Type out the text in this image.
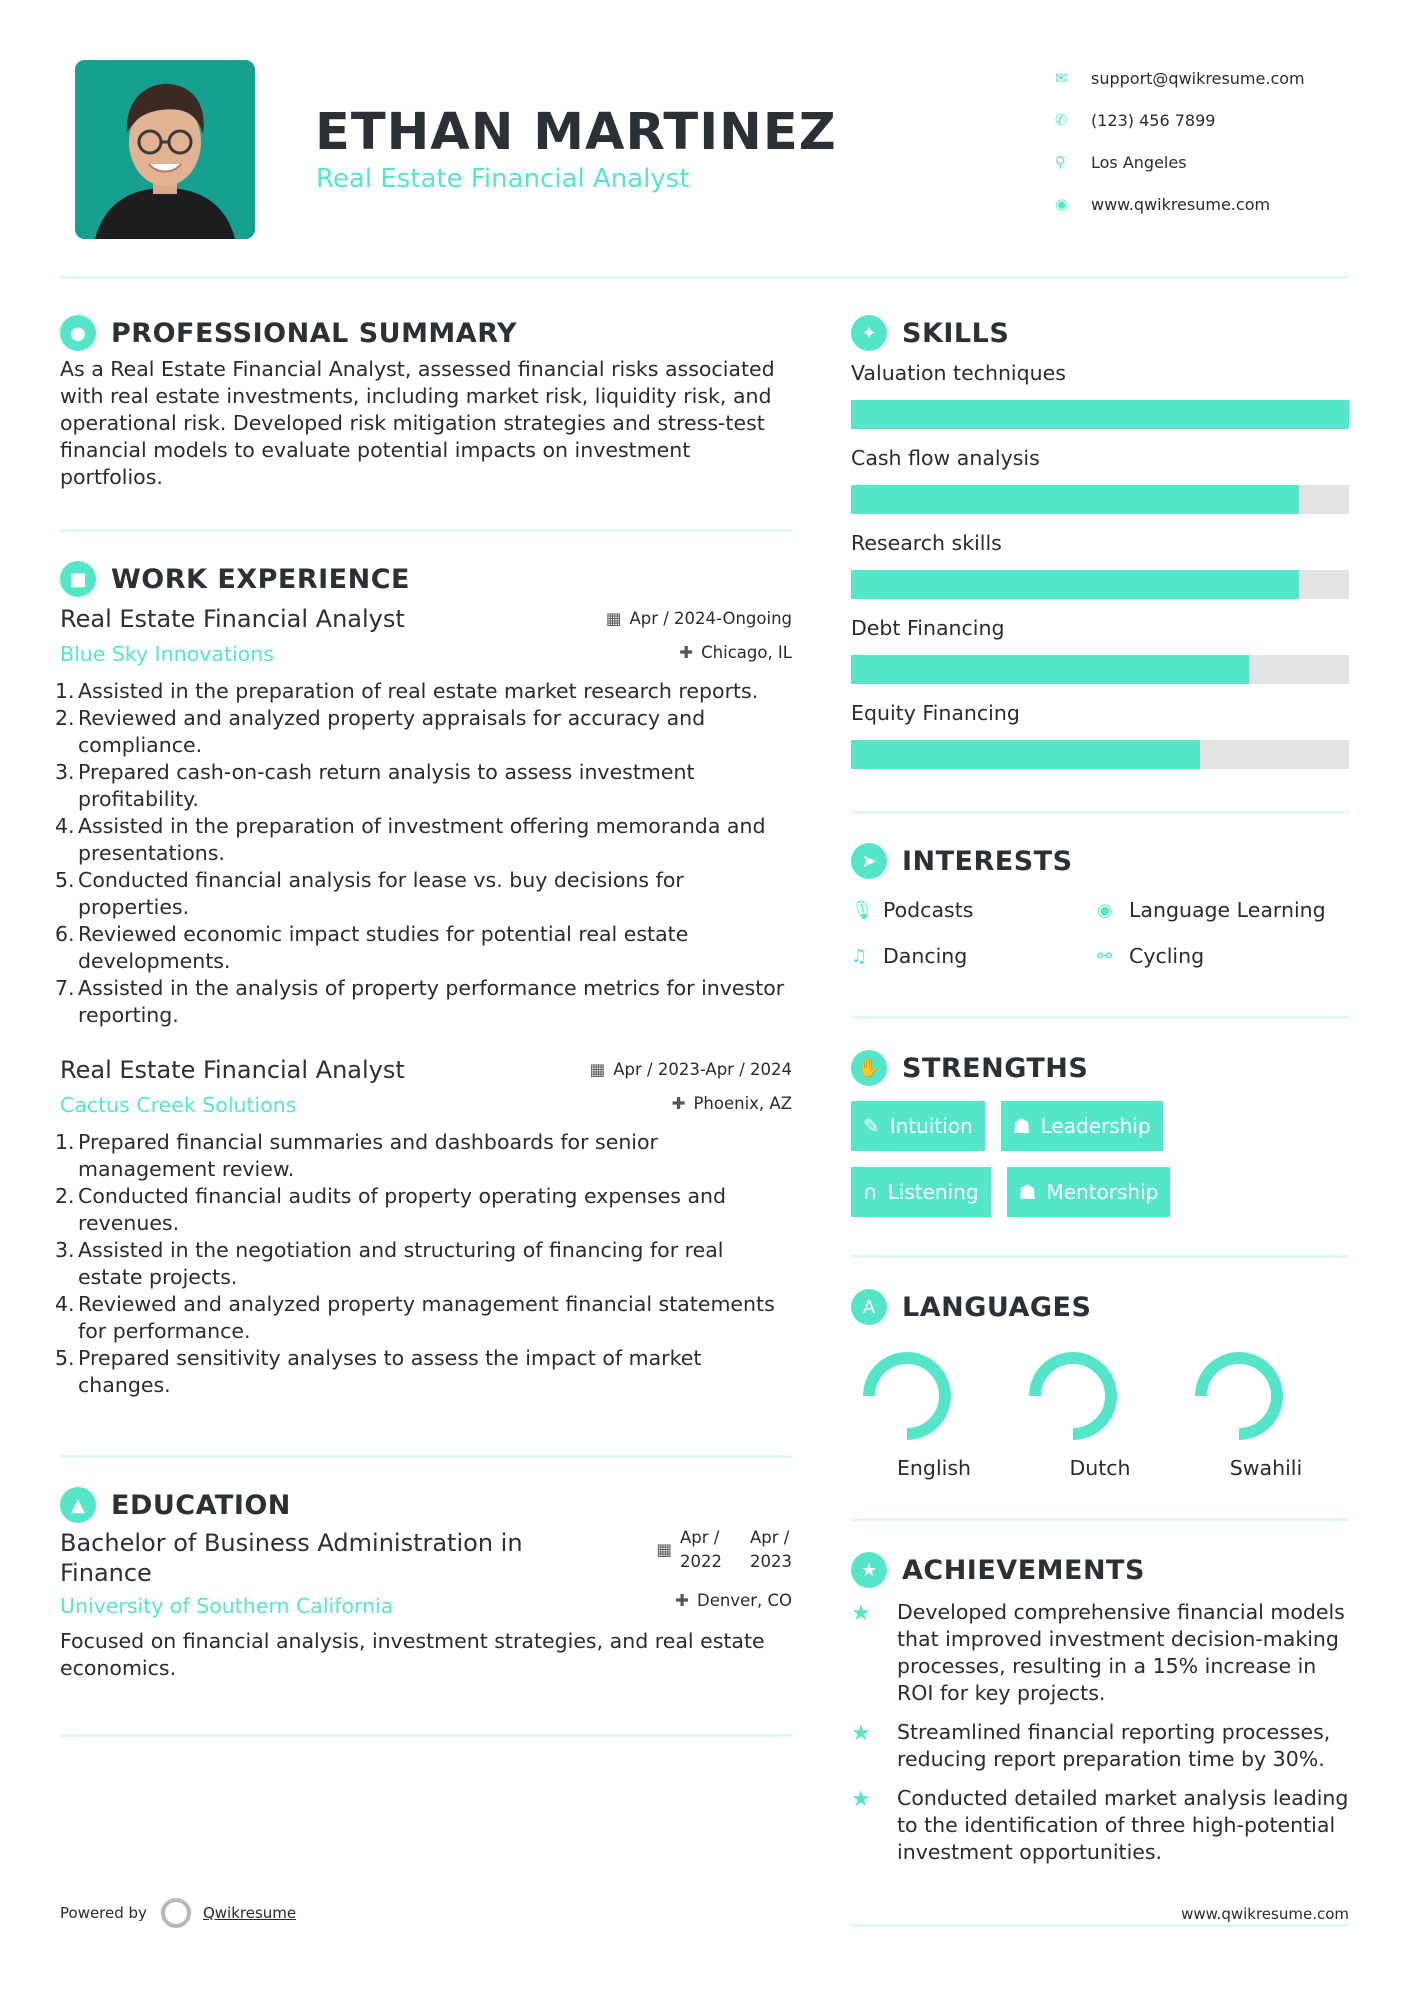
ETHAN MARTINEZ
Real Estate Financial Analyst
✉	support@qwikresume.com
✆	(123) 456 7899
⚲	Los Angeles
◉	www.qwikresume.com
● PROFESSIONAL SUMMARY

As a Real Estate Financial Analyst, assessed financial risks associated with real estate investments, including market risk, liquidity risk, and operational risk. Developed risk mitigation strategies and stress-test financial models to evaluate potential impacts on investment portfolios.

■ WORK EXPERIENCE
Real Estate Financial Analyst
Blue Sky Innovations
▦ Apr / 2024-Ongoing
✚ Chicago, IL
Assisted in the preparation of real estate market research reports.
Reviewed and analyzed property appraisals for accuracy and compliance.
Prepared cash-on-cash return analysis to assess investment profitability.
Assisted in the preparation of investment offering memoranda and presentations.
Conducted financial analysis for lease vs. buy decisions for properties.
Reviewed economic impact studies for potential real estate developments.
Assisted in the analysis of property performance metrics for investor reporting.
Real Estate Financial Analyst
Cactus Creek Solutions
▦ Apr / 2023-Apr / 2024
✚ Phoenix, AZ
Prepared financial summaries and dashboards for senior management review.
Conducted financial audits of property operating expenses and revenues.
Assisted in the negotiation and structuring of financing for real estate projects.
Reviewed and analyzed property management financial statements for performance.
Prepared sensitivity analyses to assess the impact of market changes.
▲ EDUCATION
Bachelor of Business Administration in
Finance
University of Southern California
▦
Apr /
2022
Apr /
2023
✚ Denver, CO

Focused on financial analysis, investment strategies, and real estate economics.

✦ SKILLS
Valuation techniques
Cash flow analysis
Research skills
Debt Financing
Equity Financing
➤ INTERESTS
🎙 Podcasts	◉ Language Learning
♫ Dancing	⚯ Cycling
✋ STRENGTHS
✎ Intuition	☗ Leadership
∩ Listening	☗ Mentorship
A LANGUAGES
English	Dutch	Swahili
★ ACHIEVEMENTS
★	Developed comprehensive financial models that improved investment decision-making processes, resulting in a 15% increase in ROI for key projects.
★	Streamlined financial reporting processes, reducing report preparation time by 30%.
★	Conducted detailed market analysis leading to the identification of three high-potential investment opportunities.
Powered by	Qwikresume	www.qwikresume.com
